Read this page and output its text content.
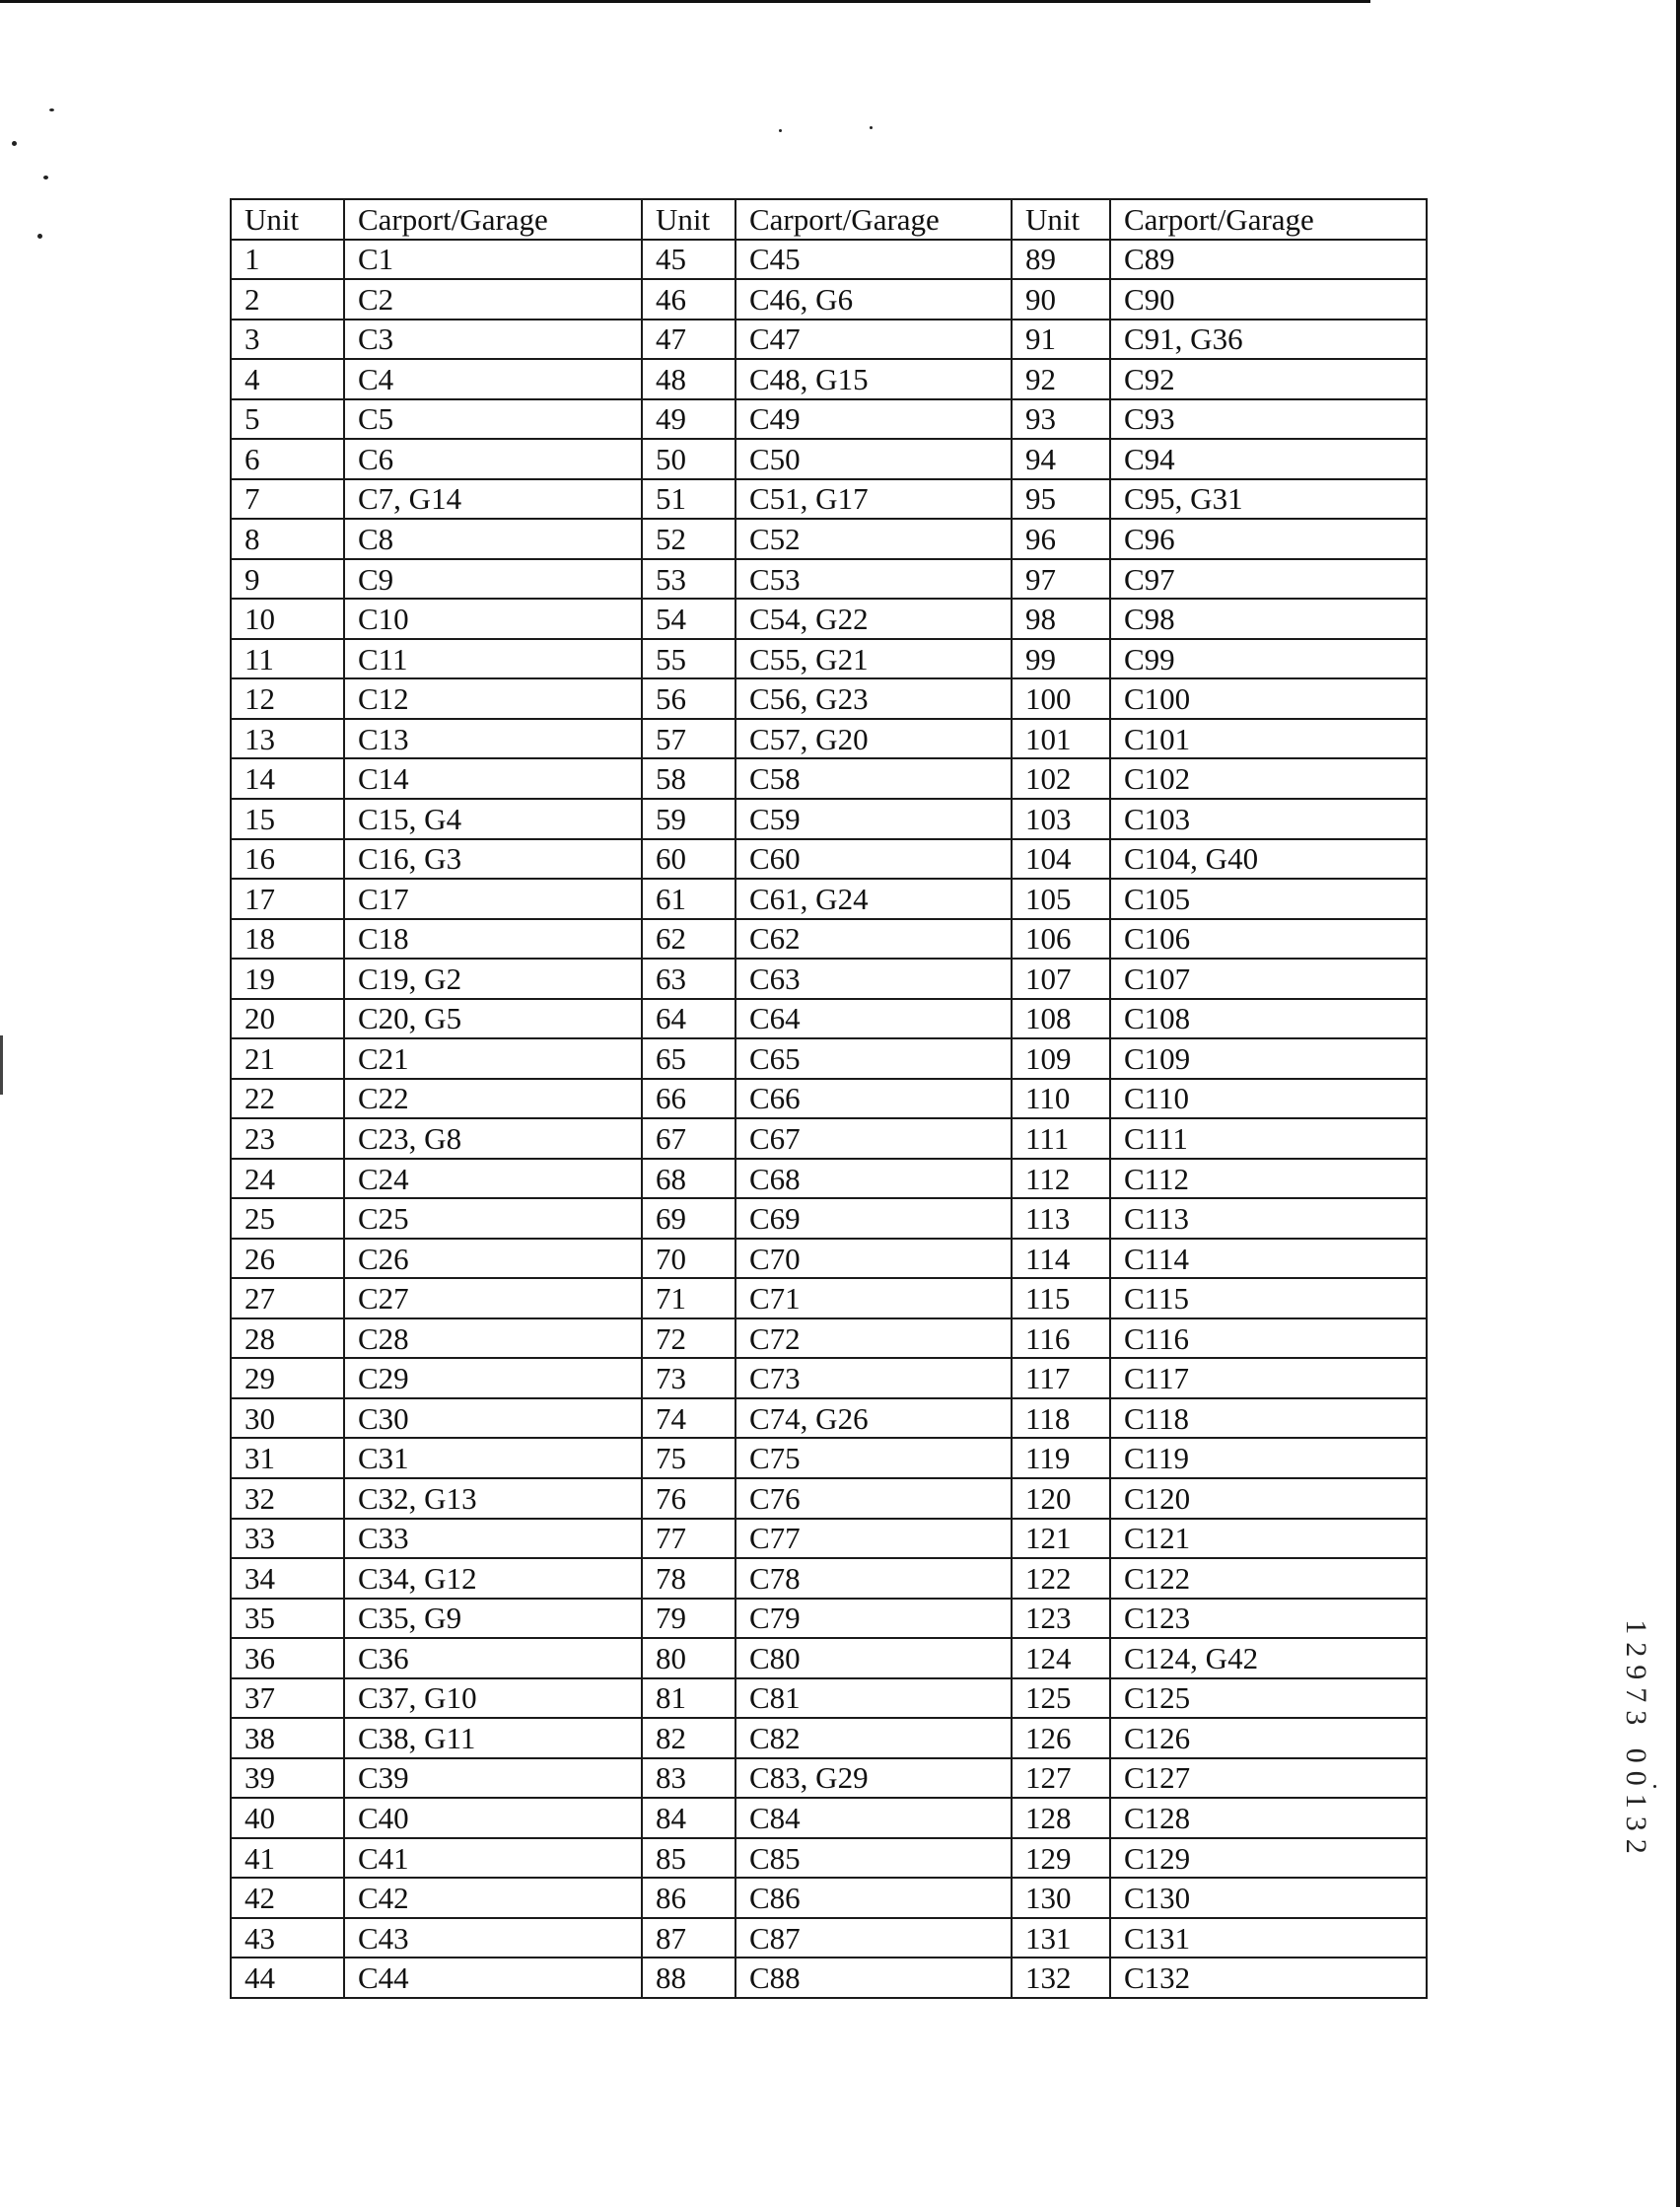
Unit	Carport/Garage	Unit	Carport/Garage	Unit	Carport/Garage
1	C1	45	C45	89	C89
2	C2	46	C46, G6	90	C90
3	C3	47	C47	91	C91, G36
4	C4	48	C48, G15	92	C92
5	C5	49	C49	93	C93
6	C6	50	C50	94	C94
7	C7, G14	51	C51, G17	95	C95, G31
8	C8	52	C52	96	C96
9	C9	53	C53	97	C97
10	C10	54	C54, G22	98	C98
11	C11	55	C55, G21	99	C99
12	C12	56	C56, G23	100	C100
13	C13	57	C57, G20	101	C101
14	C14	58	C58	102	C102
15	C15, G4	59	C59	103	C103
16	C16, G3	60	C60	104	C104, G40
17	C17	61	C61, G24	105	C105
18	C18	62	C62	106	C106
19	C19, G2	63	C63	107	C107
20	C20, G5	64	C64	108	C108
21	C21	65	C65	109	C109
22	C22	66	C66	110	C110
23	C23, G8	67	C67	111	C111
24	C24	68	C68	112	C112
25	C25	69	C69	113	C113
26	C26	70	C70	114	C114
27	C27	71	C71	115	C115
28	C28	72	C72	116	C116
29	C29	73	C73	117	C117
30	C30	74	C74, G26	118	C118
31	C31	75	C75	119	C119
32	C32, G13	76	C76	120	C120
33	C33	77	C77	121	C121
34	C34, G12	78	C78	122	C122
35	C35, G9	79	C79	123	C123
36	C36	80	C80	124	C124, G42
37	C37, G10	81	C81	125	C125
38	C38, G11	82	C82	126	C126
39	C39	83	C83, G29	127	C127
40	C40	84	C84	128	C128
41	C41	85	C85	129	C129
42	C42	86	C86	130	C130
43	C43	87	C87	131	C131
44	C44	88	C88	132	C132
12973 00132
